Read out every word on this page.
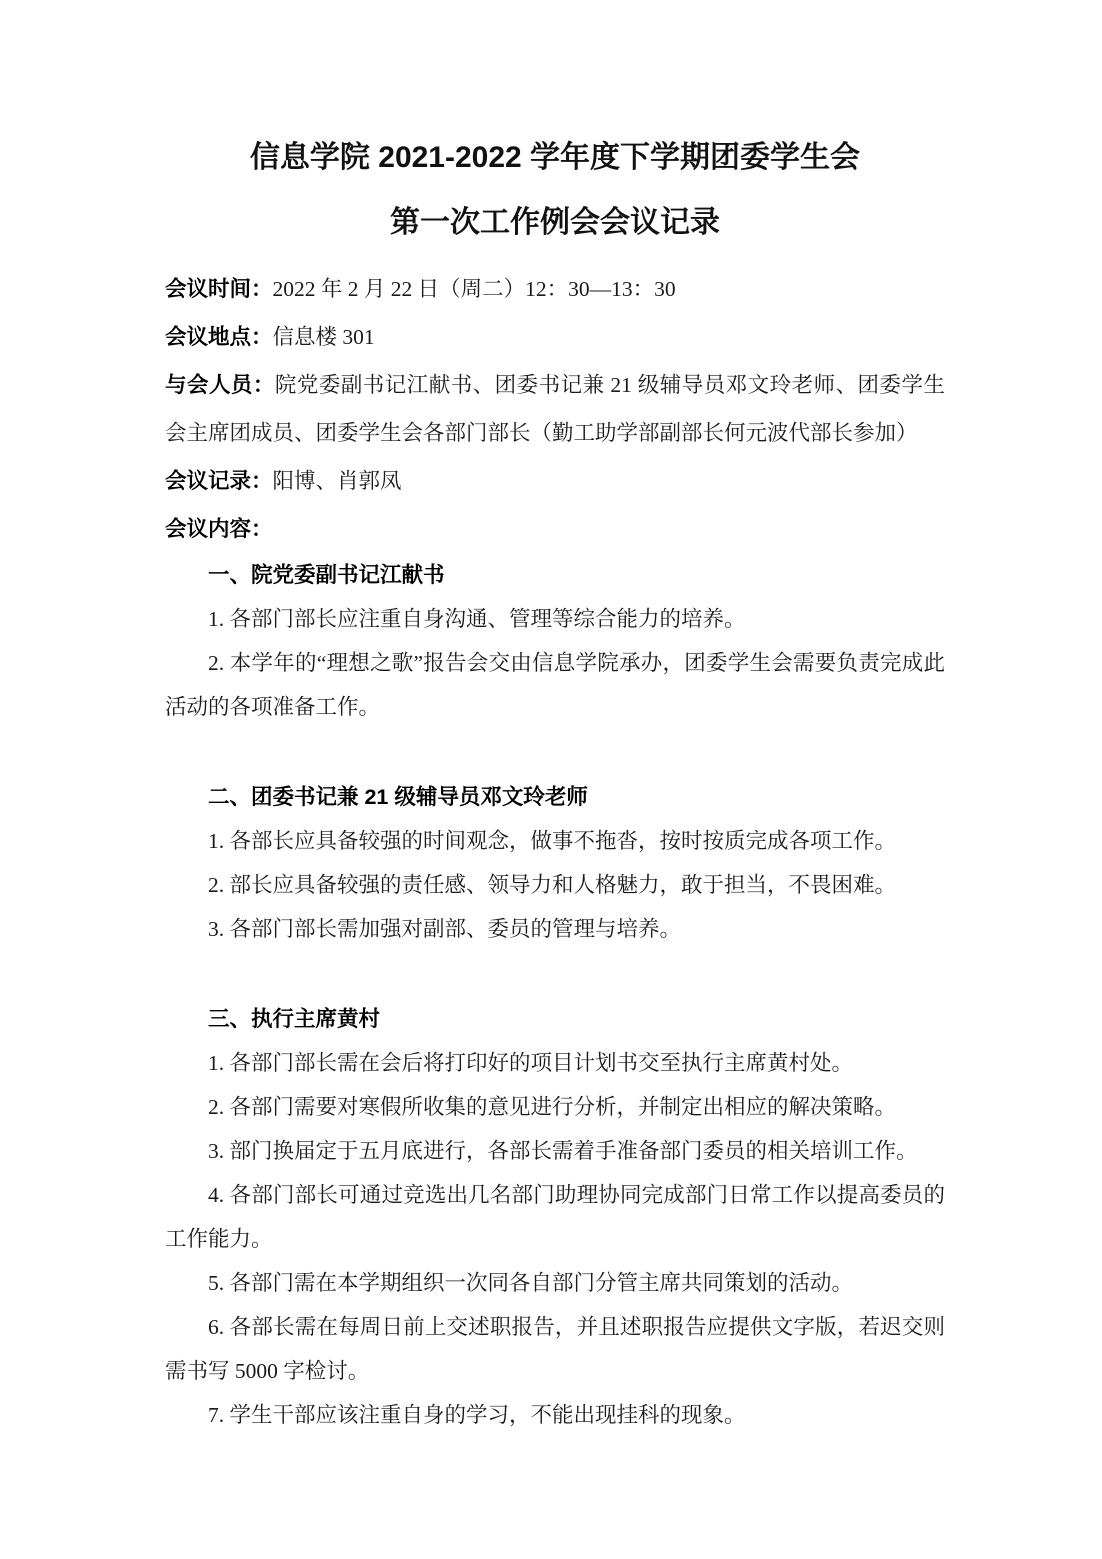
信息学院 2021-2022 学年度下学期团委学生会
第一次工作例会会议记录
会议时间：2022 年 2 月 22 日（周二）12：30—13：30
会议地点：信息楼 301
与会人员：院党委副书记江献书、团委书记兼 21 级辅导员邓文玲老师、团委学生会主席团成员、团委学生会各部门部长（勤工助学部副部长何元波代部长参加）
会议记录：阳博、肖郭凤
会议内容：
一、院党委副书记江献书
1. 各部门部长应注重自身沟通、管理等综合能力的培养。
2. 本学年的“理想之歌”报告会交由信息学院承办，团委学生会需要负责完成此活动的各项准备工作。
二、团委书记兼 21 级辅导员邓文玲老师
1. 各部长应具备较强的时间观念，做事不拖沓，按时按质完成各项工作。
2. 部长应具备较强的责任感、领导力和人格魅力，敢于担当，不畏困难。
3. 各部门部长需加强对副部、委员的管理与培养。
三、执行主席黄村
1. 各部门部长需在会后将打印好的项目计划书交至执行主席黄村处。
2. 各部门需要对寒假所收集的意见进行分析，并制定出相应的解决策略。
3. 部门换届定于五月底进行，各部长需着手准备部门委员的相关培训工作。
4. 各部门部长可通过竞选出几名部门助理协同完成部门日常工作以提高委员的工作能力。
5. 各部门需在本学期组织一次同各自部门分管主席共同策划的活动。
6. 各部长需在每周日前上交述职报告，并且述职报告应提供文字版，若迟交则需书写 5000 字检讨。
7. 学生干部应该注重自身的学习，不能出现挂科的现象。
